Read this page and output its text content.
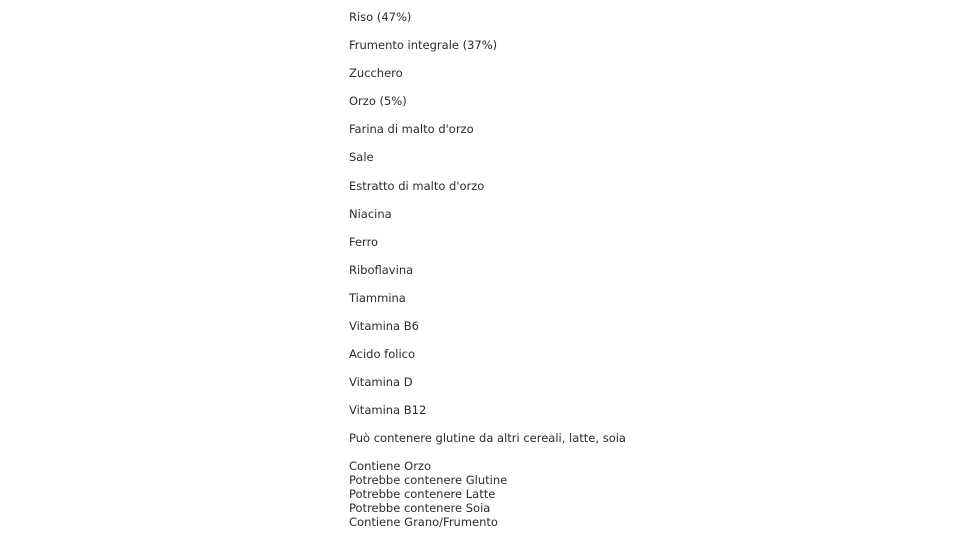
Riso (47%)
Frumento integrale (37%)
Zucchero
Orzo (5%)
Farina di malto d'orzo
Sale
Estratto di malto d'orzo
Niacina
Ferro
Riboflavina
Tiammina
Vitamina B6
Acido folico
Vitamina D
Vitamina B12
Può contenere glutine da altri cereali, latte, soia
Contiene Orzo
Potrebbe contenere Glutine
Potrebbe contenere Latte
Potrebbe contenere Soia
Contiene Grano/Frumento
